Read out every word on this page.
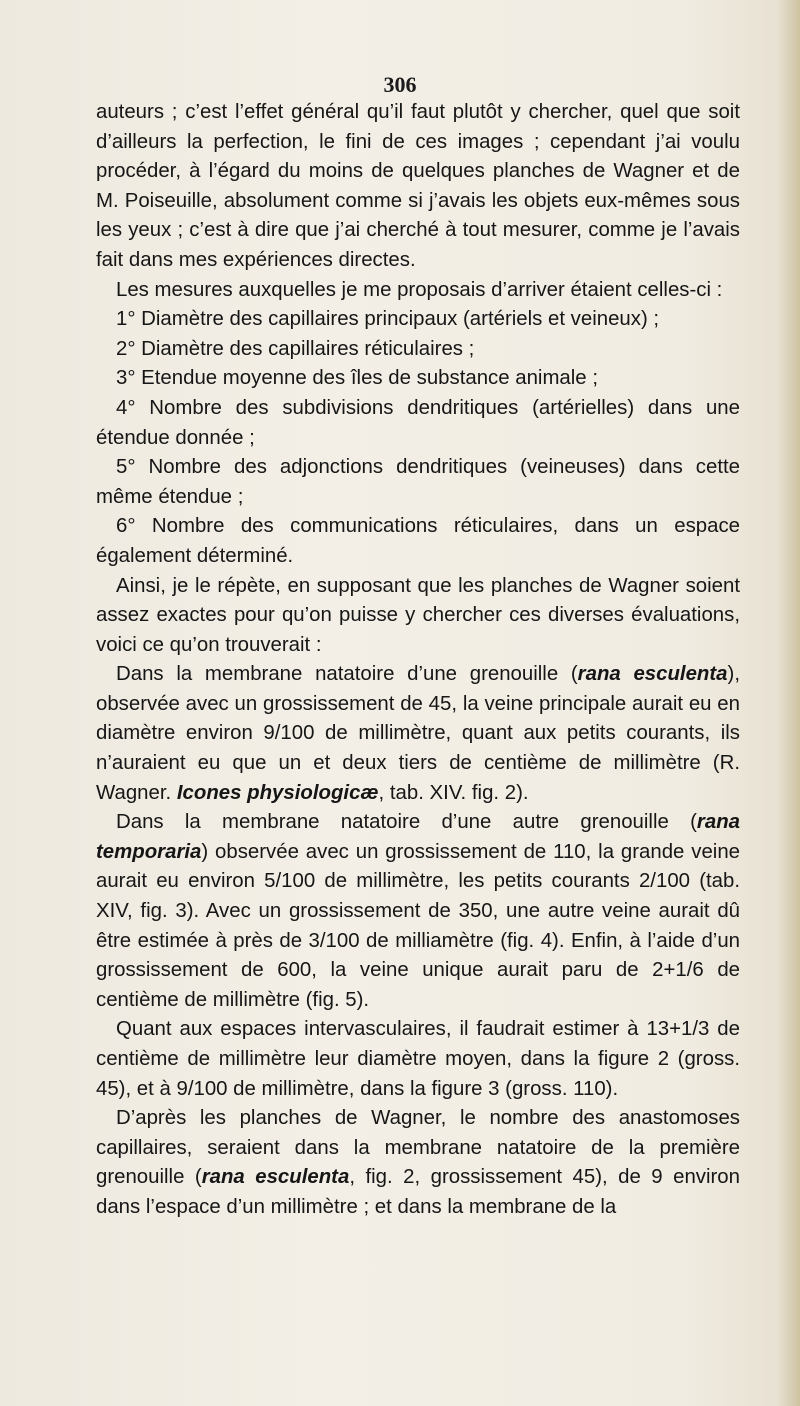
306

auteurs ; c’est l’effet général qu’il faut plutôt y chercher, quel que soit d’ailleurs la perfection, le fini de ces images ; cependant j’ai voulu procéder, à l’égard du moins de quelques planches de Wagner et de M. Poiseuille, absolument comme si j’avais les objets eux-mêmes sous les yeux ; c’est à dire que j’ai cherché à tout mesurer, comme je l’avais fait dans mes expériences directes.

Les mesures auxquelles je me proposais d’arriver étaient celles-ci :

1° Diamètre des capillaires principaux (artériels et veineux) ;

2° Diamètre des capillaires réticulaires ;

3° Etendue moyenne des îles de substance animale ;

4° Nombre des subdivisions dendritiques (artérielles) dans une étendue donnée ;

5° Nombre des adjonctions dendritiques (veineuses) dans cette même étendue ;

6° Nombre des communications réticulaires, dans un espace également déterminé.

Ainsi, je le répète, en supposant que les planches de Wagner soient assez exactes pour qu’on puisse y chercher ces diverses évaluations, voici ce qu’on trouverait :

Dans la membrane natatoire d’une grenouille (rana esculenta), observée avec un grossissement de 45, la veine principale aurait eu en diamètre environ 9/100 de millimètre, quant aux petits courants, ils n’auraient eu que un et deux tiers de centième de millimètre (R. Wagner. Icones physiologicæ, tab. XIV. fig. 2).

Dans la membrane natatoire d’une autre grenouille (rana temporaria) observée avec un grossissement de 110, la grande veine aurait eu environ 5/100 de millimètre, les petits courants 2/100 (tab. XIV, fig. 3). Avec un grossissement de 350, une autre veine aurait dû être estimée à près de 3/100 de milliamètre (fig. 4). Enfin, à l’aide d’un grossissement de 600, la veine unique aurait paru de 2+1/6 de centième de millimètre (fig. 5).

Quant aux espaces intervasculaires, il faudrait estimer à 13+1/3 de centième de millimètre leur diamètre moyen, dans la figure 2 (gross. 45), et à 9/100 de millimètre, dans la figure 3 (gross. 110).

D’après les planches de Wagner, le nombre des anastomoses capillaires, seraient dans la membrane natatoire de la première grenouille (rana esculenta, fig. 2, grossissement 45), de 9 environ dans l’espace d’un millimètre ; et dans la membrane de la
